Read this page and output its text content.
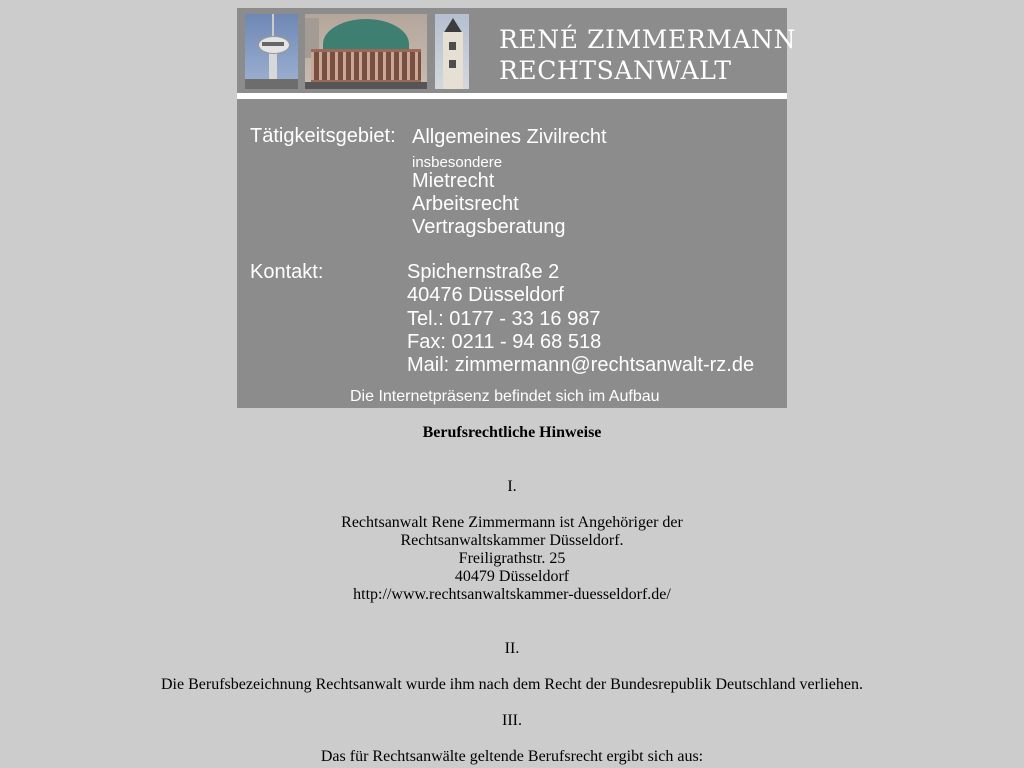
RENÉ ZIMMERMANN
RECHTSANWALT
Tätigkeitsgebiet: Allgemeines Zivilrecht
insbesondere
Mietrecht
Arbeitsrecht
Vertragsberatung
Kontakt:	Spichernstraße 2
40476 Düsseldorf
Tel.: 0177 - 33 16 987
Fax: 0211 - 94 68 518
Mail: zimmermann@rechtsanwalt-rz.de
Die Internetpräsenz befindet sich im Aufbau

Berufsrechtliche Hinweise

I.

Rechtsanwalt Rene Zimmermann ist Angehöriger der

Rechtsanwaltskammer Düsseldorf.

Freiligrathstr. 25

40479 Düsseldorf

http://www.rechtsanwaltskammer-duesseldorf.de/

II.

Die Berufsbezeichnung Rechtsanwalt wurde ihm nach dem Recht der Bundesrepublik Deutschland verliehen.

III.

Das für Rechtsanwälte geltende Berufsrecht ergibt sich aus:
